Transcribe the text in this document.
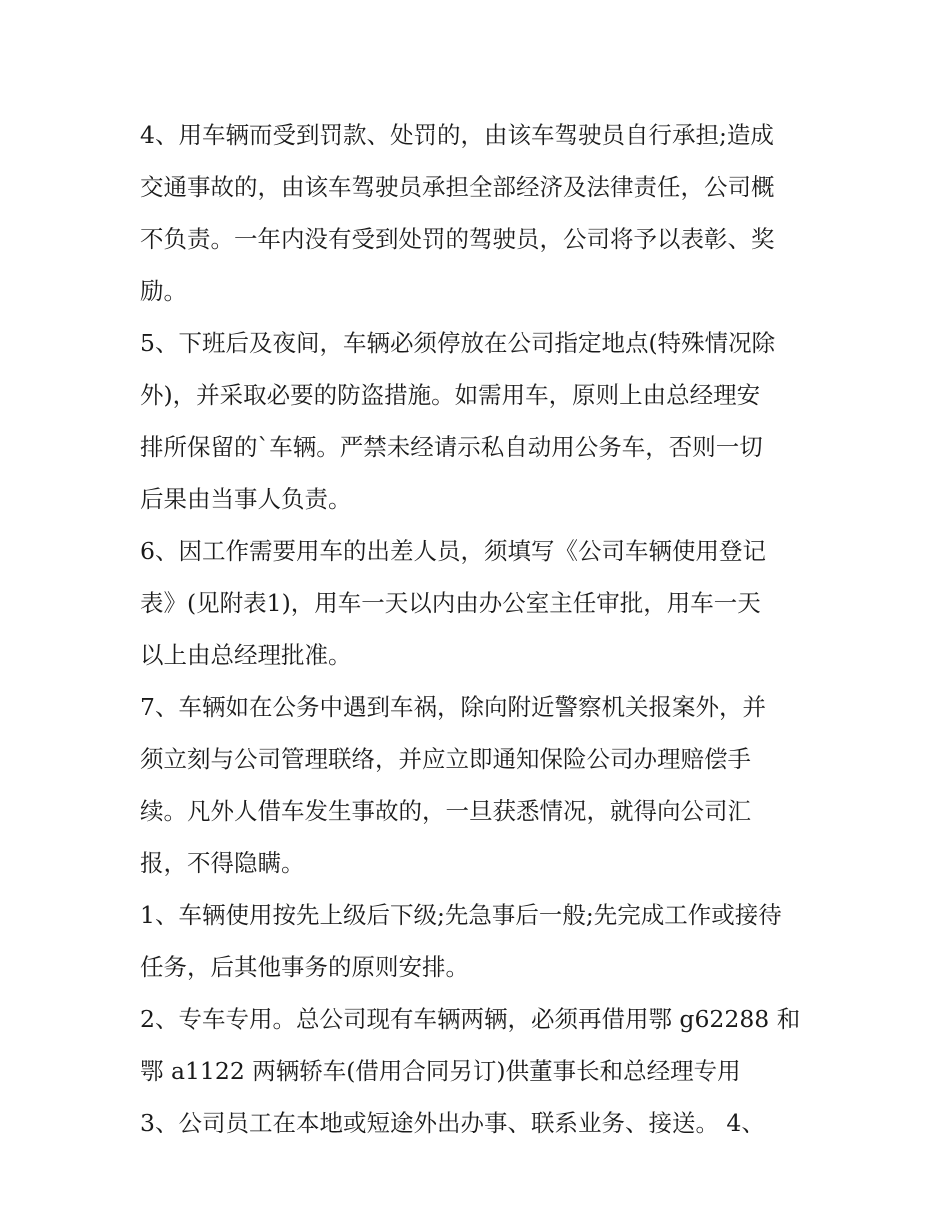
4、用车辆而受到罚款、处罚的，由该车驾驶员自行承担;造成
交通事故的，由该车驾驶员承担全部经济及法律责任，公司概
不负责。一年内没有受到处罚的驾驶员，公司将予以表彰、奖
励。
5、下班后及夜间，车辆必须停放在公司指定地点(特殊情况除
外)，并采取必要的防盗措施。如需用车，原则上由总经理安
排所保留的`车辆。严禁未经请示私自动用公务车，否则一切
后果由当事人负责。
6、因工作需要用车的出差人员，须填写《公司车辆使用登记
表》(见附表1)，用车一天以内由办公室主任审批，用车一天
以上由总经理批准。
7、车辆如在公务中遇到车祸，除向附近警察机关报案外，并
须立刻与公司管理联络，并应立即通知保险公司办理赔偿手
续。凡外人借车发生事故的，一旦获悉情况，就得向公司汇
报，不得隐瞒。
1、车辆使用按先上级后下级;先急事后一般;先完成工作或接待
任务，后其他事务的原则安排。
2、专车专用。总公司现有车辆两辆，必须再借用鄂 g62288 和
鄂 a1122 两辆轿车(借用合同另订)供董事长和总经理专用
3、公司员工在本地或短途外出办事、联系业务、接送。 4、
